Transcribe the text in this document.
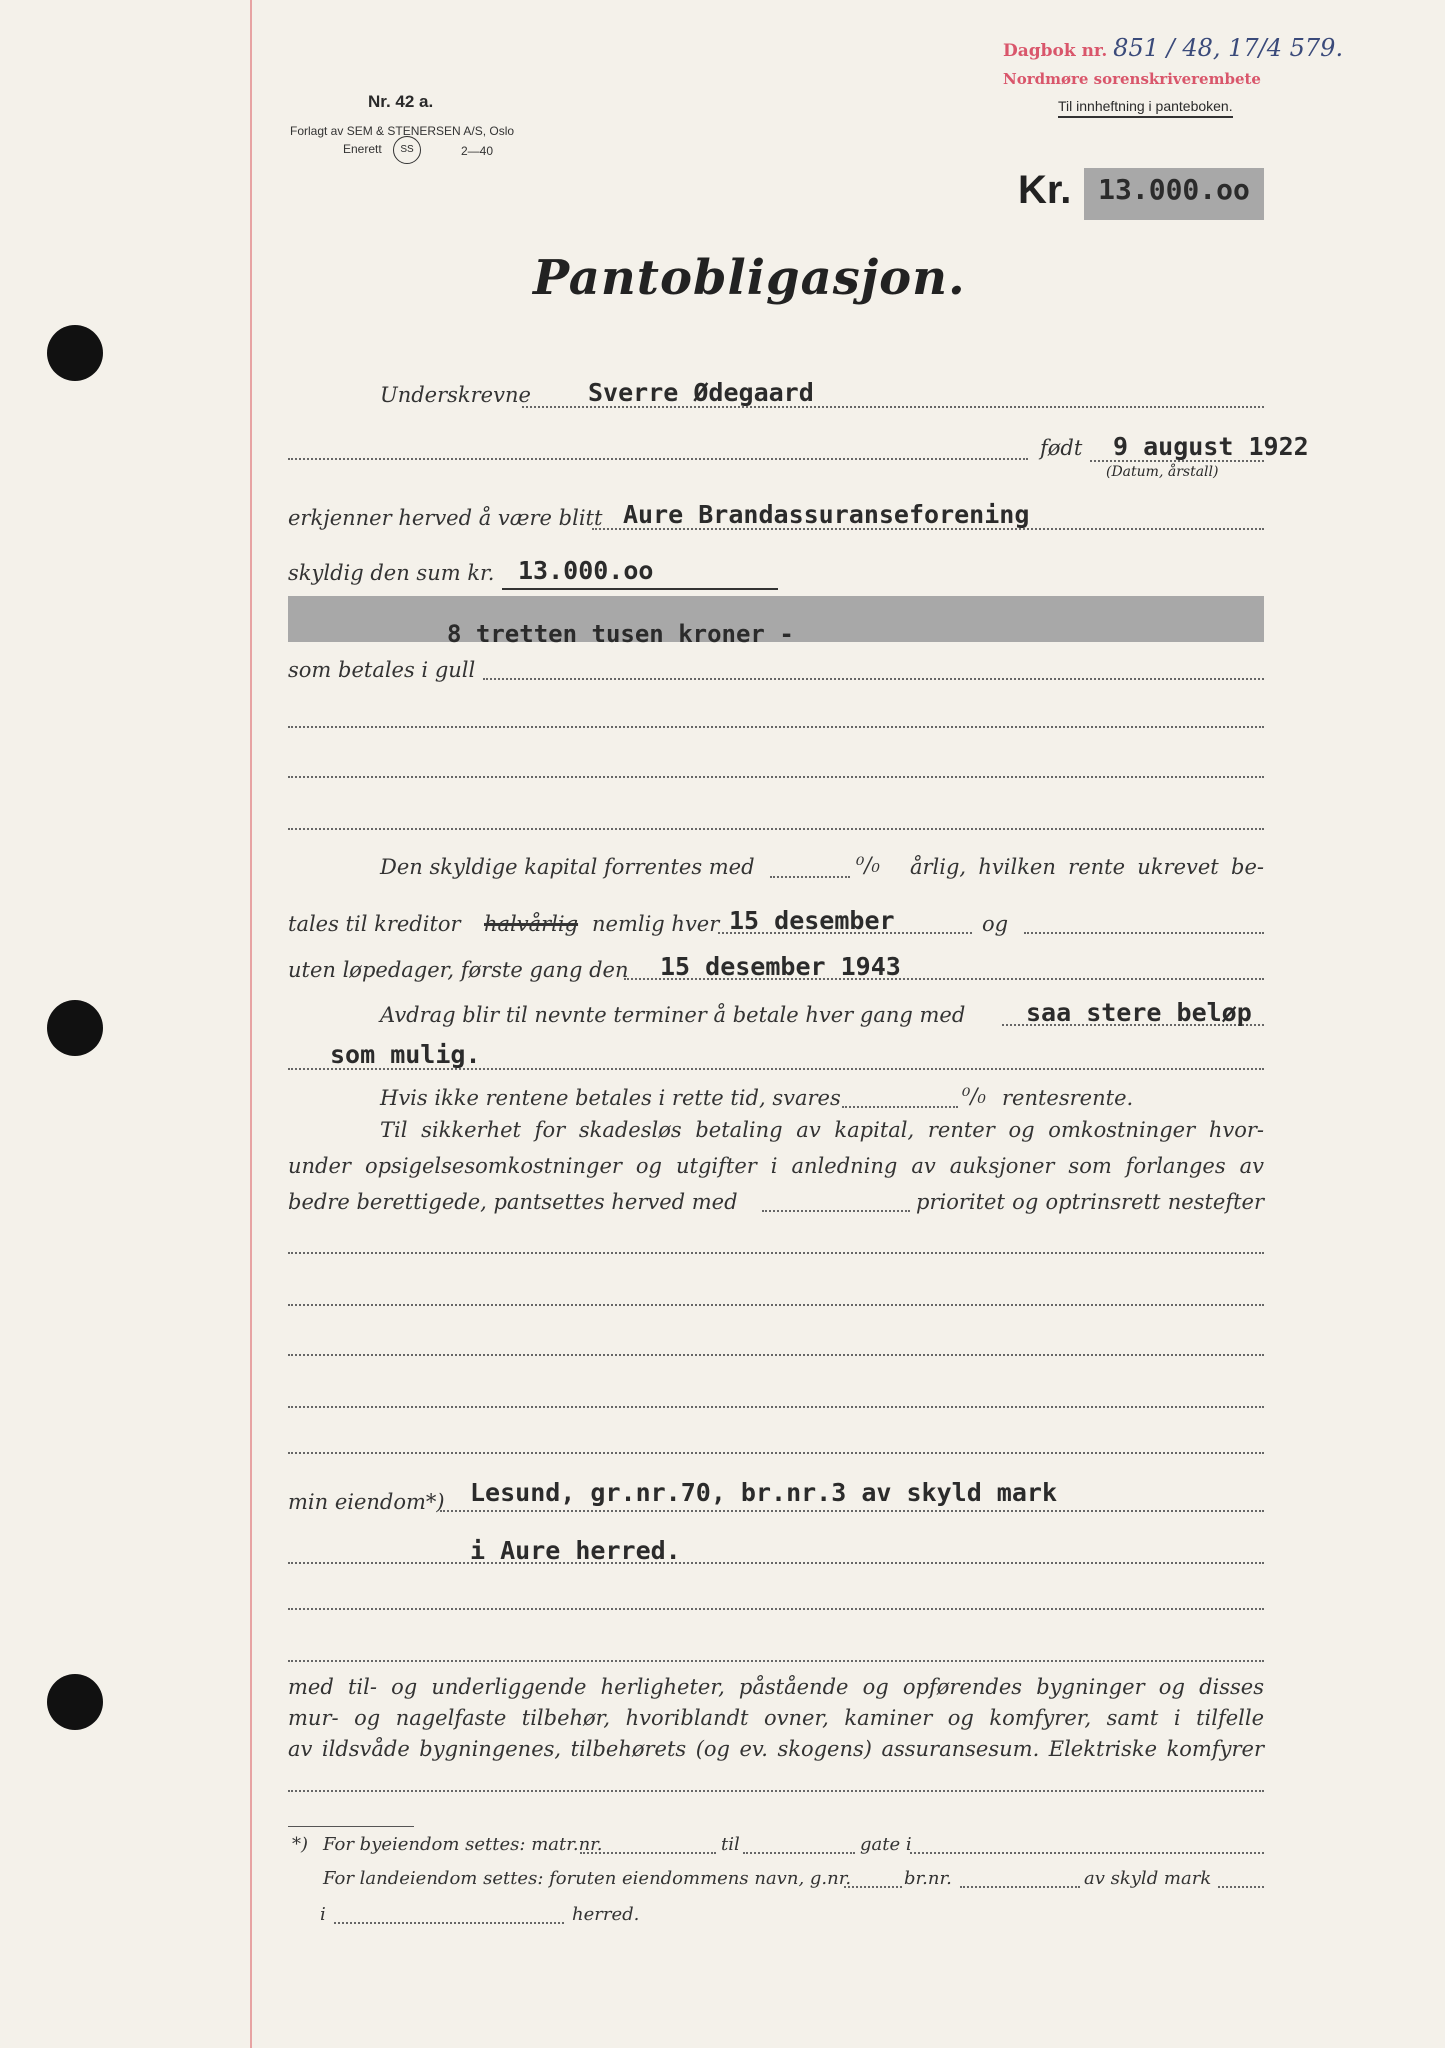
Dagbok nr. 851 / 48, 17/4 579.
Nordmøre sorenskriverembete
Til innheftning i panteboken.
Nr. 42 a.
Forlagt av SEM & STENERSEN A/S, Oslo
Enerett	SS	2—40
Kr. 13.000.oo
Pantobligasjon.
Underskrevne Sverre Ødegaard
født 9 august 1922
(Datum, årstall)
erkjenner herved å være blitt Aure Brandassuranseforening
skyldig den sum kr. 13.000.oo
8 tretten tusen kroner -
som betales i gull
Den skyldige kapital forrentes med	⁰/₀ årlig, hvilken rente ukrevet be-
tales til kreditor halvårlig nemlig hver 15 desember	og
uten løpedager, første gang den 15 desember 1943
Avdrag blir til nevnte terminer å betale hver gang med saa stere beløp
som mulig.
Hvis ikke rentene betales i rette tid, svares	⁰/₀ rentesrente.
Til sikkerhet for skadesløs betaling av kapital, renter og omkostninger hvor-
under opsigelsesomkostninger og utgifter i anledning av auksjoner som forlanges av
bedre berettigede, pantsettes herved med	prioritet og optrinsrett nestefter
min eiendom*) Lesund, gr.nr.70, br.nr.3 av skyld mark
i Aure herred.
med til- og underliggende herligheter, påstående og opførendes bygninger og disses
mur- og nagelfaste tilbehør, hvoriblandt ovner, kaminer og komfyrer, samt i tilfelle
av ildsvåde bygningenes, tilbehørets (og ev. skogens) assuransesum. Elektriske komfyrer
*) For byeiendom settes: matr.nr.	til	gate i
For landeiendom settes: foruten eiendommens navn, g.nr.	br.nr.	av skyld mark
i	herred.
